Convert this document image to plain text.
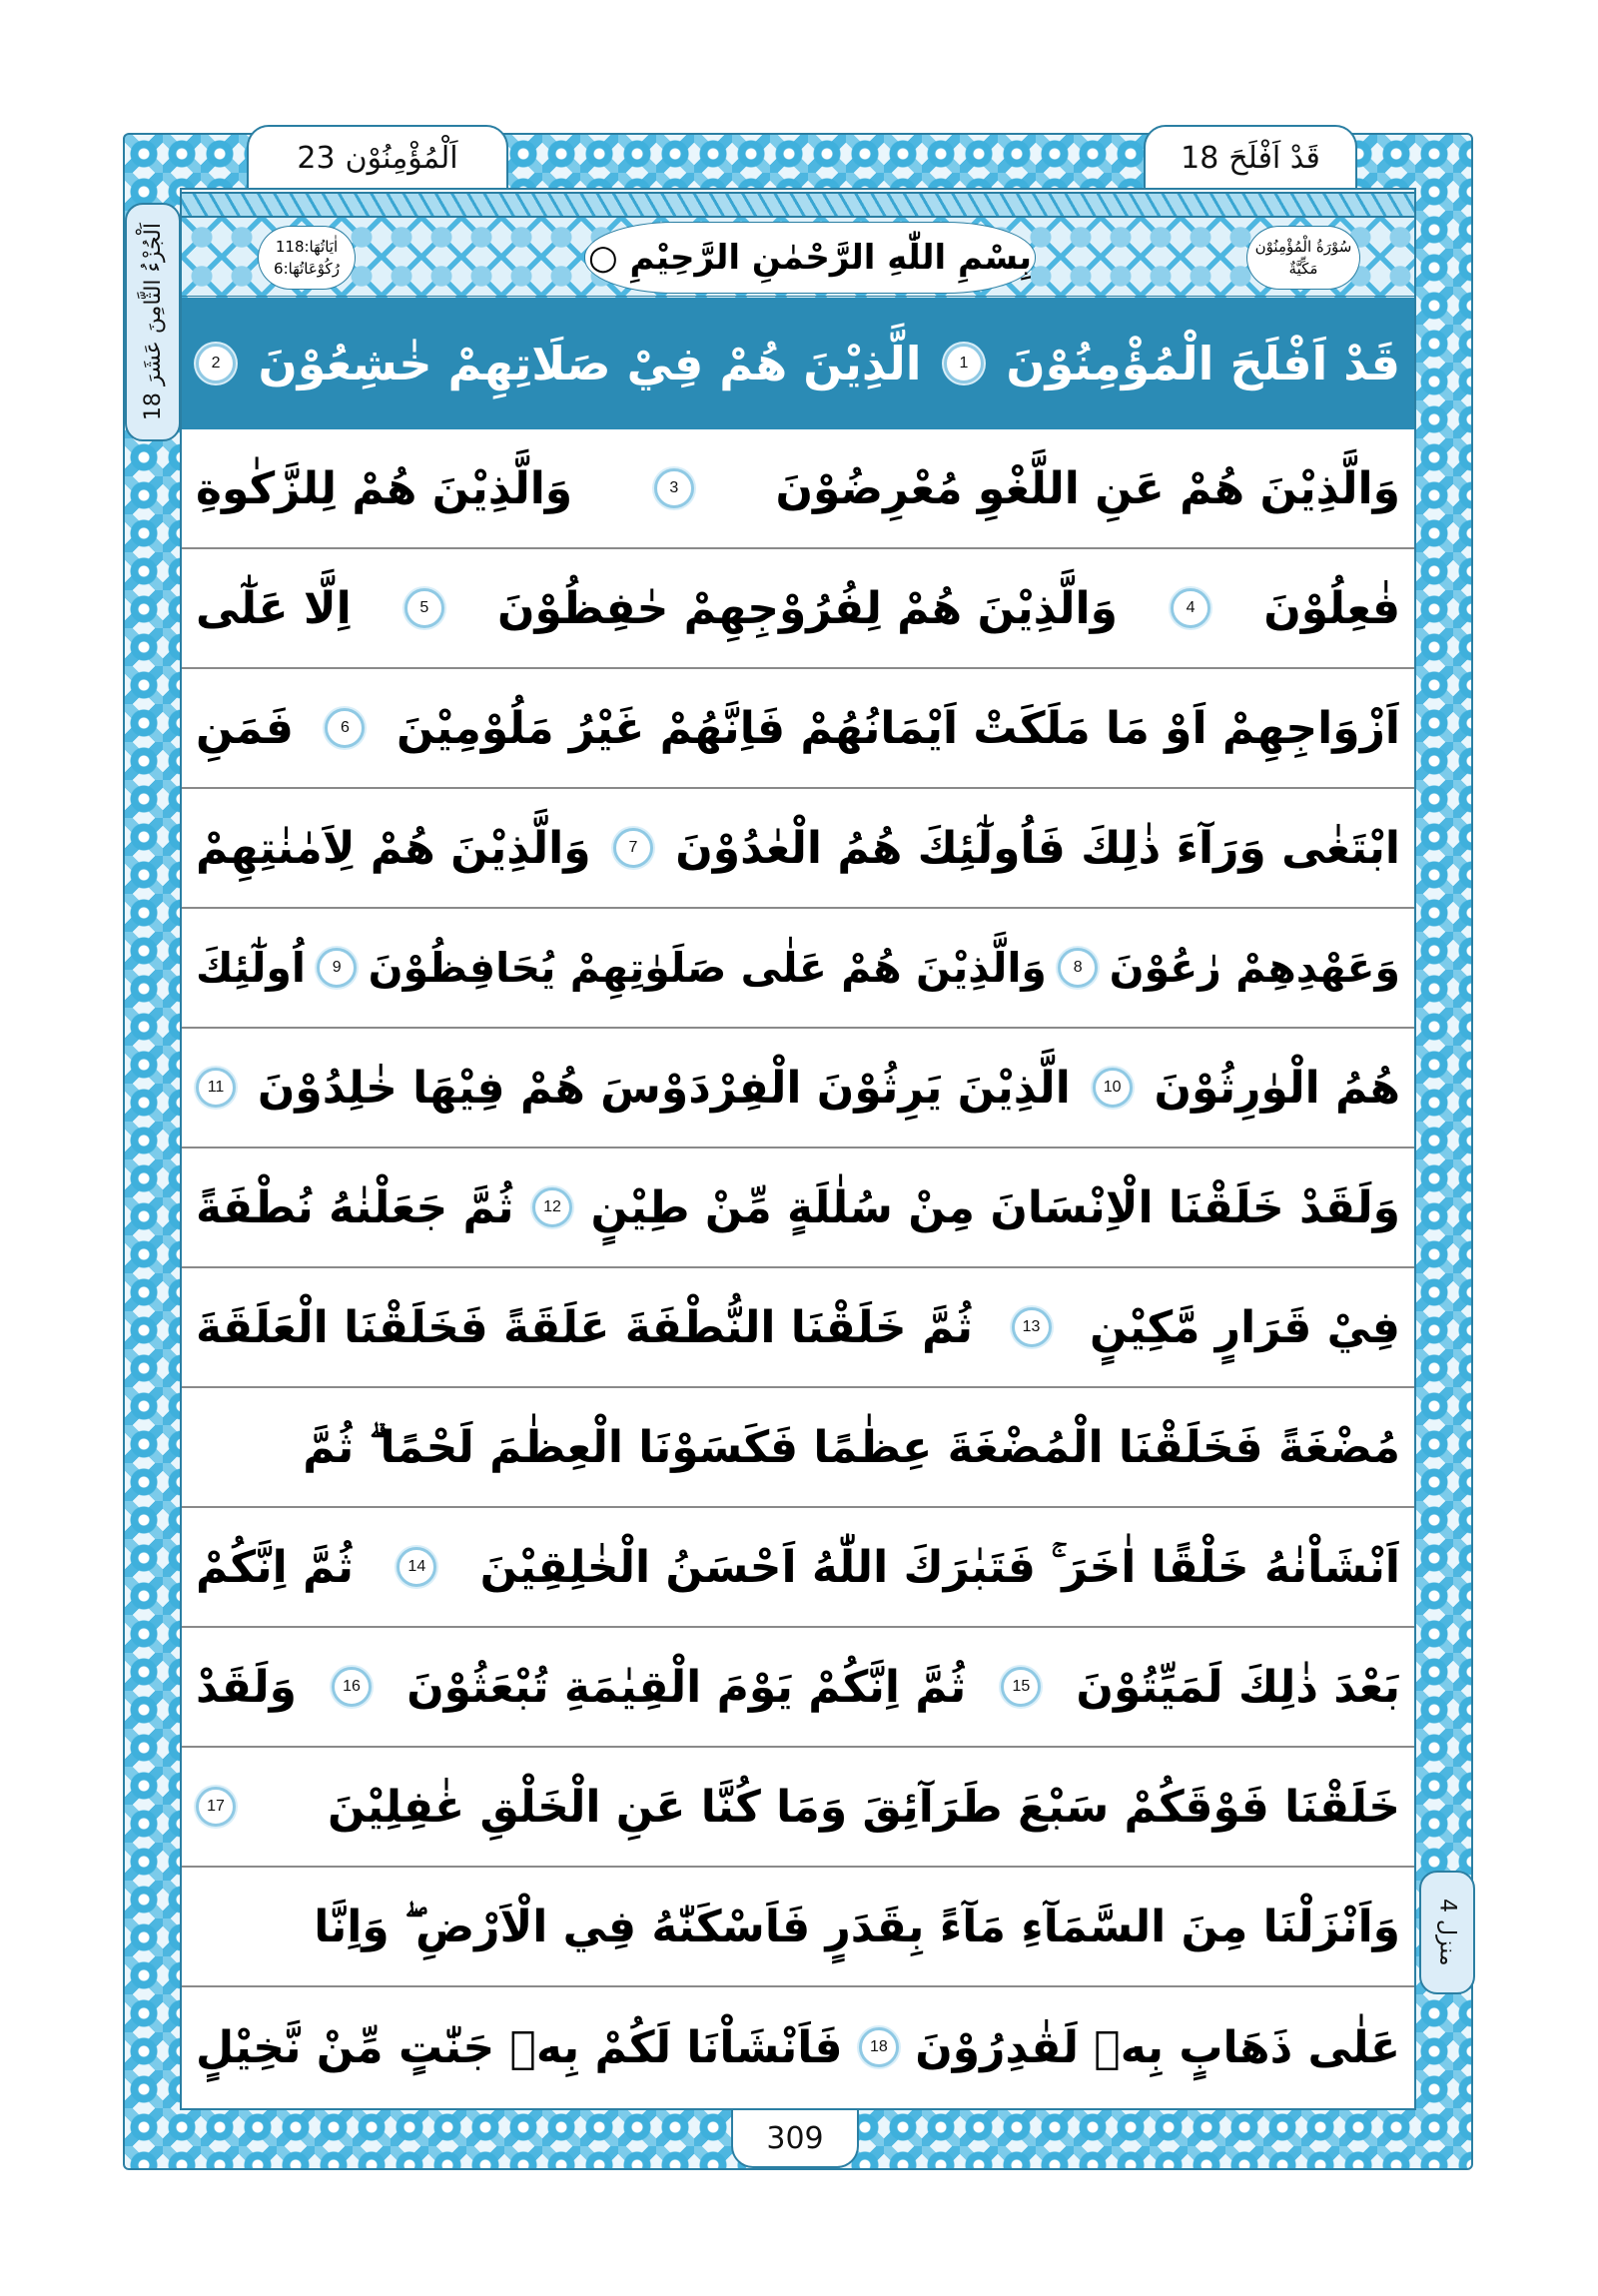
اَلْمُؤْمِنُوْن
23	قَدْ اَفْلَحَ
18
اٰيَاتُهَا:118
رُكُوْعَاتُهَا:6	بِسْمِ اللّٰهِ الرَّحْمٰنِ الرَّحِيْمِ ○	سُوْرَةُ الْمُؤْمِنُوْن
مَكِّيَّةٌ
اَلْجُزْءُ الثَّامِنَ عَشَرَ 18
منزل 4
قَدْ اَفْلَحَ الْمُؤْمِنُوْنَ
1
الَّذِيْنَ هُمْ فِيْ صَلَاتِهِمْ خٰشِعُوْنَ
2
وَالَّذِيْنَ هُمْ عَنِ اللَّغْوِ مُعْرِضُوْنَ
3
وَالَّذِيْنَ هُمْ لِلزَّكٰوةِ
فٰعِلُوْنَ
4
وَالَّذِيْنَ هُمْ لِفُرُوْجِهِمْ حٰفِظُوْنَ
5
اِلَّا عَلٰٓى
اَزْوَاجِهِمْ اَوْ مَا مَلَكَتْ اَيْمَانُهُمْ فَاِنَّهُمْ غَيْرُ مَلُوْمِيْنَ
6
فَمَنِ
ابْتَغٰى وَرَآءَ ذٰلِكَ فَاُولٰٓئِكَ هُمُ الْعٰدُوْنَ
7
وَالَّذِيْنَ هُمْ لِاَمٰنٰتِهِمْ
وَعَهْدِهِمْ رٰعُوْنَ
8
وَالَّذِيْنَ هُمْ عَلٰى صَلَوٰتِهِمْ يُحَافِظُوْنَ
9
اُولٰٓئِكَ
هُمُ الْوٰرِثُوْنَ
10
الَّذِيْنَ يَرِثُوْنَ الْفِرْدَوْسَ هُمْ فِيْهَا خٰلِدُوْنَ
11
وَلَقَدْ خَلَقْنَا الْاِنْسَانَ مِنْ سُلٰلَةٍ مِّنْ طِيْنٍ
12
ثُمَّ جَعَلْنٰهُ نُطْفَةً
فِيْ قَرَارٍ مَّكِيْنٍ
13
ثُمَّ خَلَقْنَا النُّطْفَةَ عَلَقَةً فَخَلَقْنَا الْعَلَقَةَ
مُضْغَةً فَخَلَقْنَا الْمُضْغَةَ عِظٰمًا فَكَسَوْنَا الْعِظٰمَ لَحْمًا ۗ ثُمَّ
اَنْشَاْنٰهُ خَلْقًا اٰخَرَ ۚ فَتَبٰرَكَ اللّٰهُ اَحْسَنُ الْخٰلِقِيْنَ
14
ثُمَّ اِنَّكُمْ
بَعْدَ ذٰلِكَ لَمَيِّتُوْنَ
15
ثُمَّ اِنَّكُمْ يَوْمَ الْقِيٰمَةِ تُبْعَثُوْنَ
16
وَلَقَدْ
خَلَقْنَا فَوْقَكُمْ سَبْعَ طَرَآئِقَ وَمَا كُنَّا عَنِ الْخَلْقِ غٰفِلِيْنَ
17
وَاَنْزَلْنَا مِنَ السَّمَآءِ مَآءً بِقَدَرٍ فَاَسْكَنّٰهُ فِي الْاَرْضِ ۖ وَاِنَّا
عَلٰى ذَهَابٍ بِهٖ لَقٰدِرُوْنَ
18
فَاَنْشَاْنَا لَكُمْ بِهٖ جَنّٰتٍ مِّنْ نَّخِيْلٍ
309
